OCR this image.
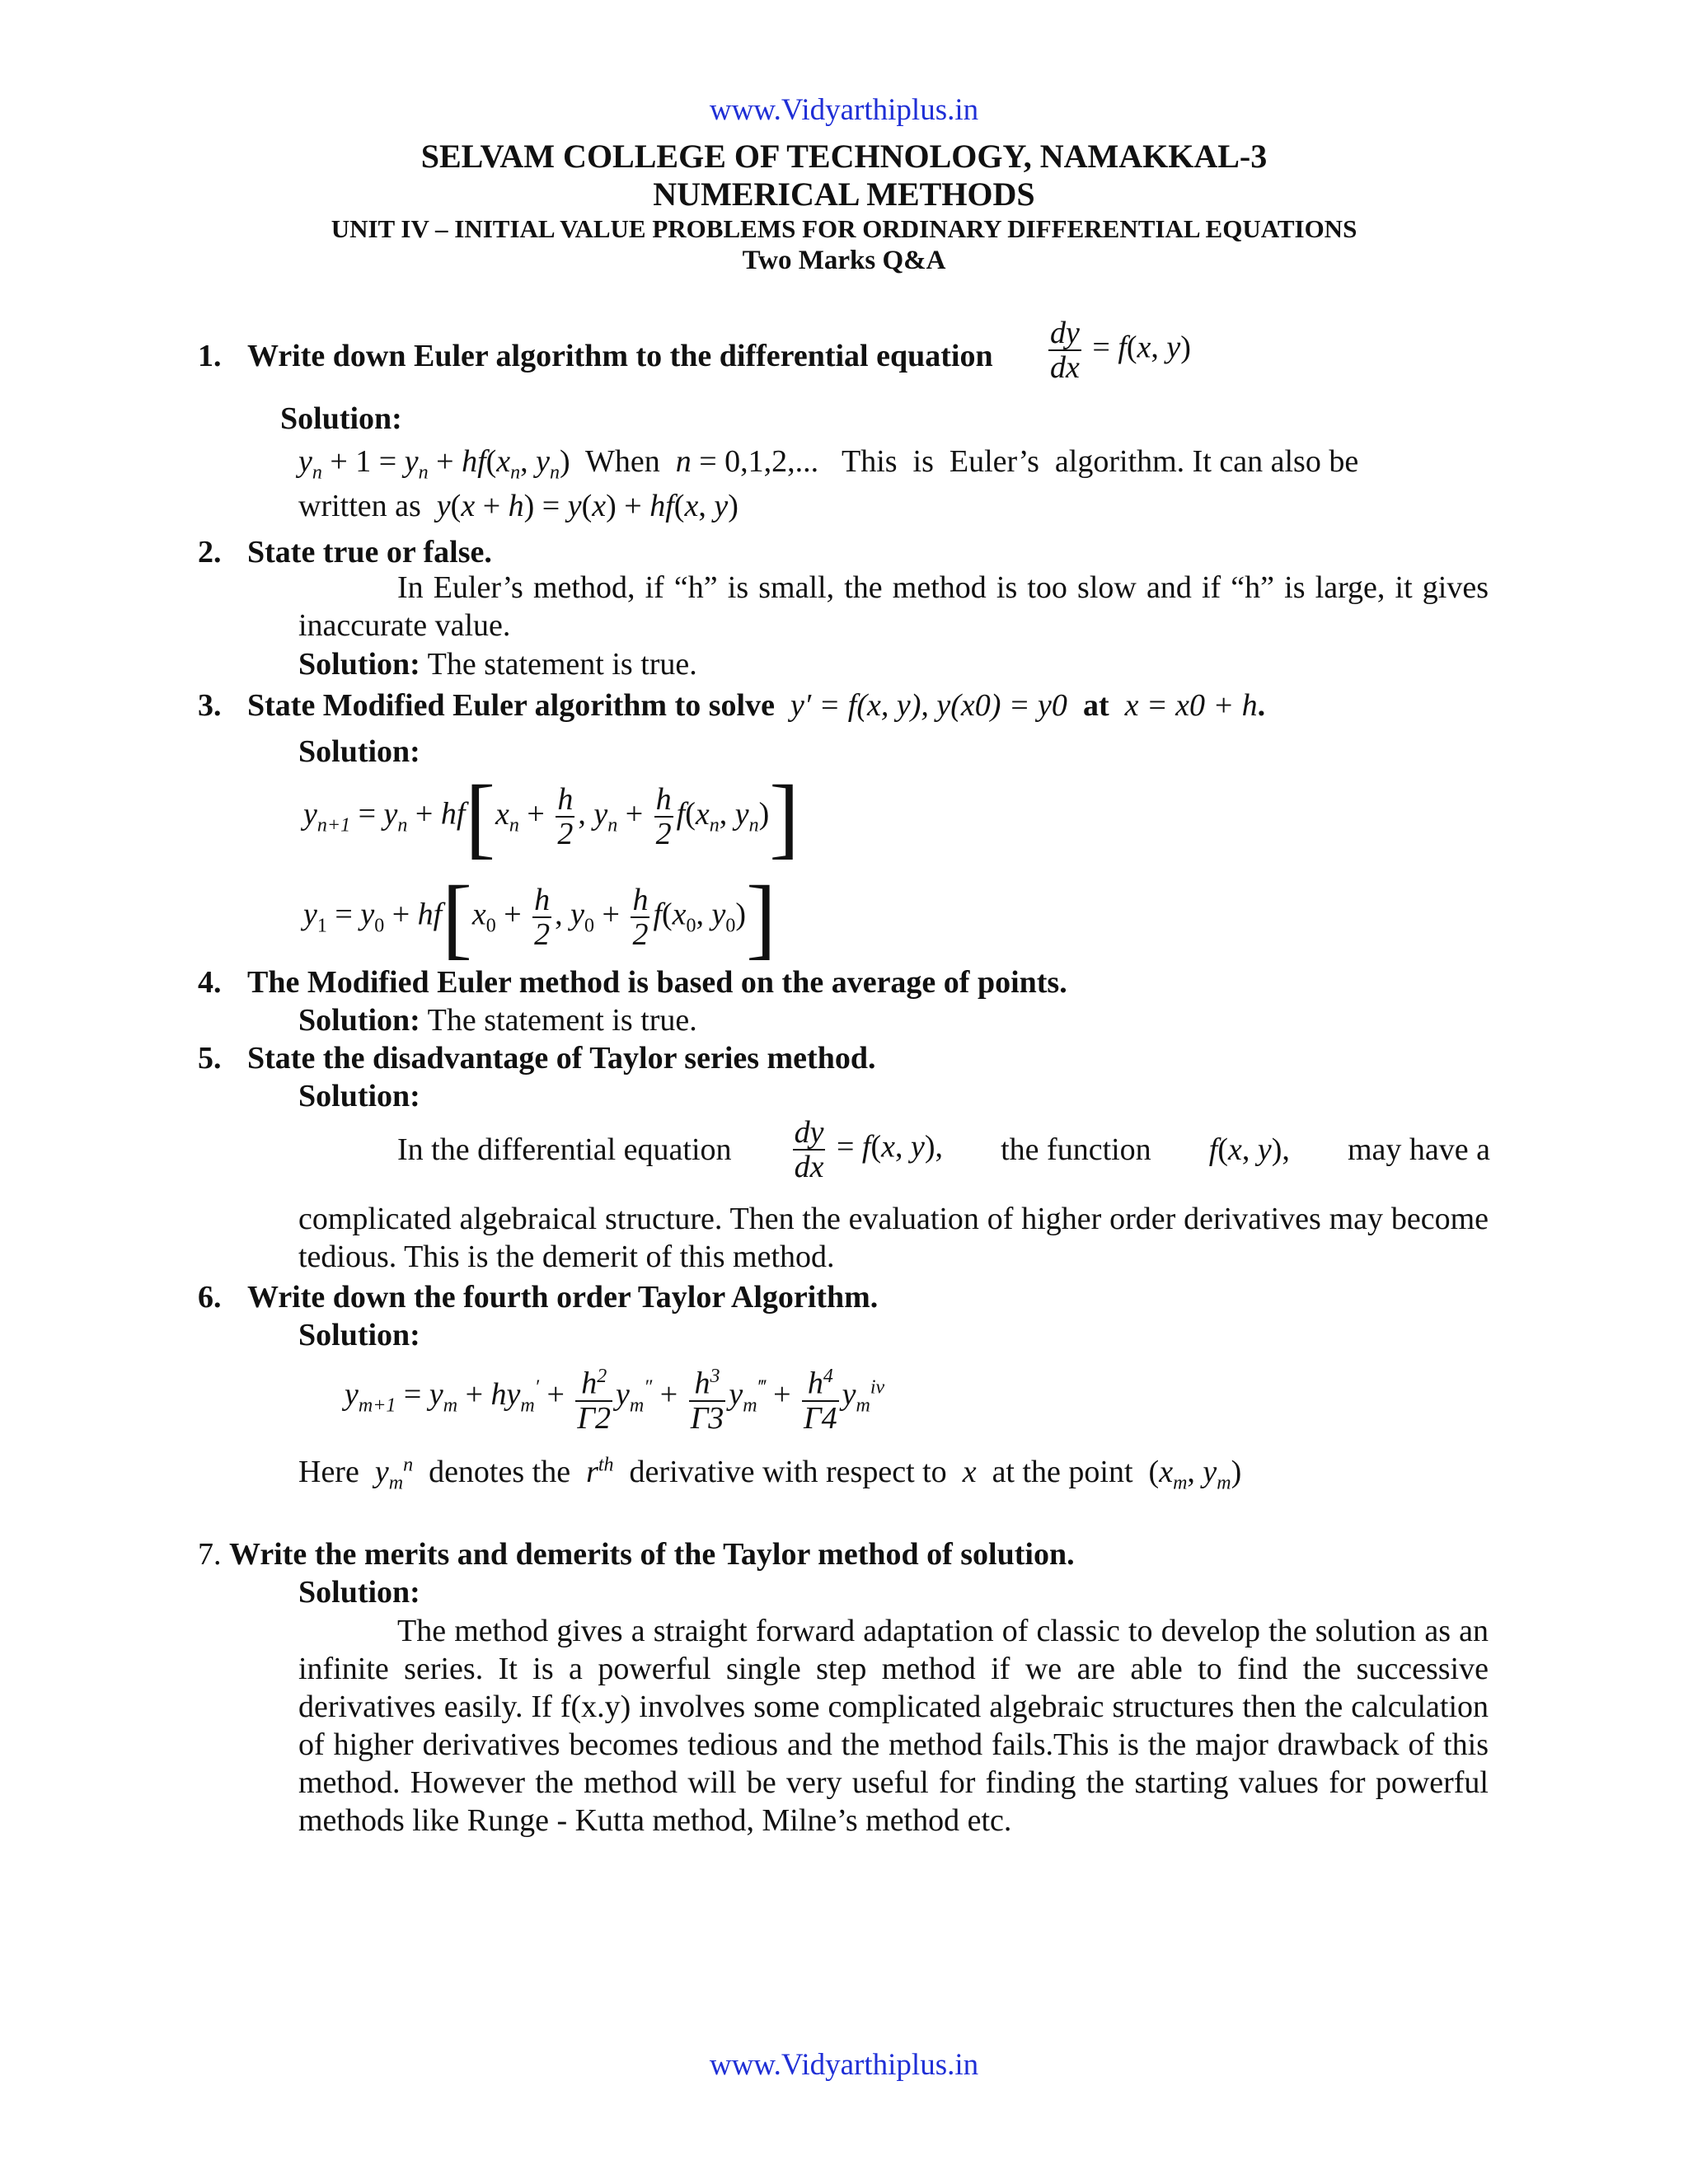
www.Vidyarthiplus.in
SELVAM COLLEGE OF TECHNOLOGY, NAMAKKAL-3
NUMERICAL METHODS
UNIT IV – INITIAL VALUE PROBLEMS FOR ORDINARY DIFFERENTIAL EQUATIONS
Two Marks Q&A
1. Write down Euler algorithm to the differential equation $\frac{dy}{dx} = f(x$, y)
Solution:
$y_n + 1 = y_n + hf(x_n$, $y_n$)  When  n = 0,1,2,...   This  is  Euler’s  algorithm. It can also be
written as  y(x + h) = y(x) + hf(x, y)
2. State true or false.
In Euler’s method, if “h” is small, the method is too slow and if “h” is large, it gives inaccurate value.
Solution: The statement is true.
3. State Modified Euler algorithm to solve y′ = f(x, y), y(x0) = y0 at x = x0 + h.
Solution:
$y_{n+1} = y_n + hf[x_n + \frac{h}{2}$ , $y_n + \frac{h}{2} f(x_n$, $y_n$)]
$y_1 = y_0 + hf[x_0 + \frac{h}{2}$ , $y_0 + \frac{h}{2} f(x_0$, $y_0$)]
4. The Modified Euler method is based on the average of points.
Solution: The statement is true.
5. State the disadvantage of Taylor series method.
Solution:
In the differential equation $\frac{dy}{dx} = f(x$, y), the function f(x, y), may have a
complicated algebraical structure. Then the evaluation of higher order derivatives may become tedious. This is the demerit of this method.
6. Write down the fourth order Taylor Algorithm.
Solution:
$y_{m+1} = y_m + hy_m' + \frac{h^2}{\Gamma 2} y_m'' + \frac{h^3}{\Gamma 3} y_m^‴ + \frac{h^4}{\Gamma 4} y_m^{iv}$
Here $y_m^n$ denotes the $r^{th}$ derivative with respect to x at the point  ($x_m$, $y_m$)
7. Write the merits and demerits of the Taylor method of solution.
Solution:
The method gives a straight forward adaptation of classic to develop the solution as an infinite series. It is a powerful single step method if we are able to find the successive derivatives easily. If f(x.y) involves some complicated algebraic structures then the calculation of higher derivatives becomes tedious and the method fails.This is the major drawback of this method. However the method will be very useful for finding the starting values for powerful methods like Runge - Kutta method, Milne’s method etc.
www.Vidyarthiplus.in
